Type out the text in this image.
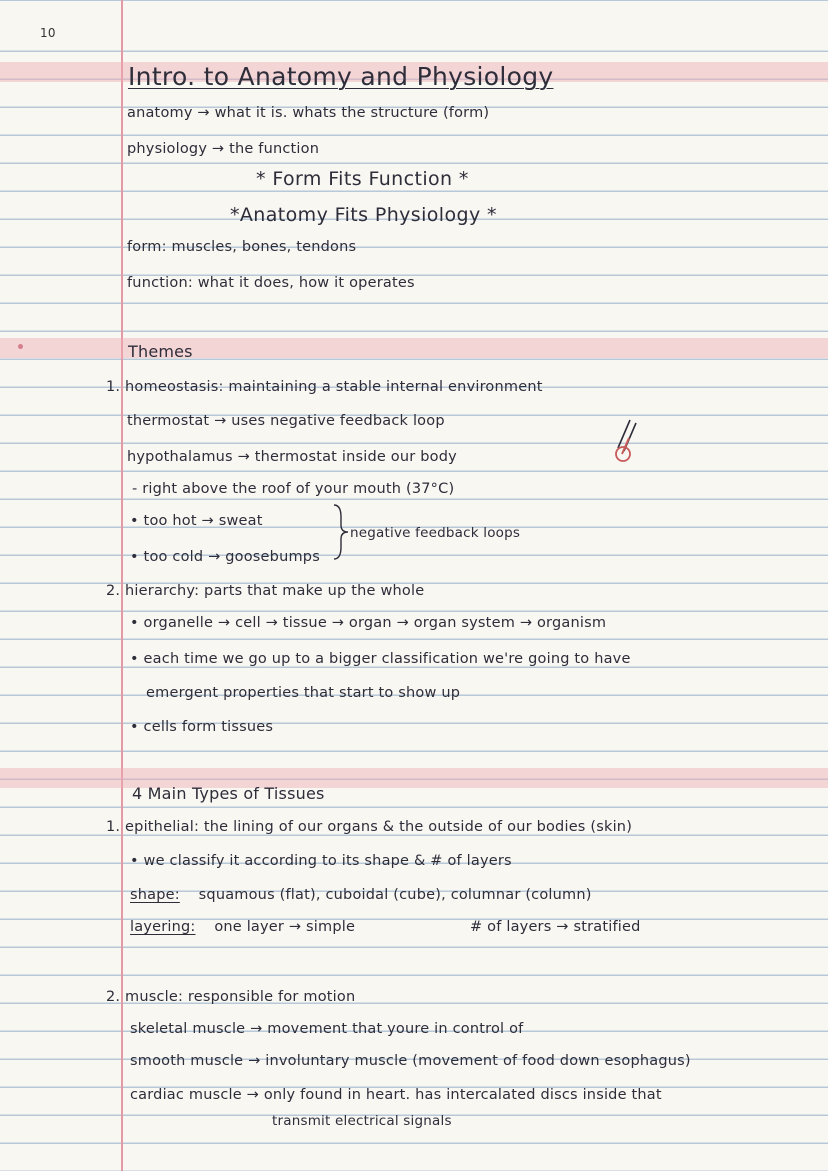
10
Intro. to Anatomy and Physiology
anatomy → what it is. whats the structure (form)
physiology → the function
* Form Fits Function *
*Anatomy Fits Physiology *
form: muscles, bones, tendons
function: what it does, how it operates
Themes
1. homeostasis: maintaining a stable internal environment
thermostat → uses negative feedback loop
hypothalamus → thermostat inside our body
- right above the roof of your mouth (37°C)
• too hot → sweat
negative feedback loops
• too cold → goosebumps
2. hierarchy: parts that make up the whole
• organelle → cell → tissue → organ → organ system → organism
• each time we go up to a bigger classification we're going to have
emergent properties that start to show up
• cells form tissues
4 Main Types of Tissues
1. epithelial: the lining of our organs & the outside of our bodies (skin)
• we classify it according to its shape & # of layers
shape: squamous (flat), cuboidal (cube), columnar (column)
layering: one layer → simple	# of layers → stratified
2. muscle: responsible for motion
skeletal muscle → movement that youre in control of
smooth muscle → involuntary muscle (movement of food down esophagus)
cardiac muscle → only found in heart. has intercalated discs inside that
transmit electrical signals
